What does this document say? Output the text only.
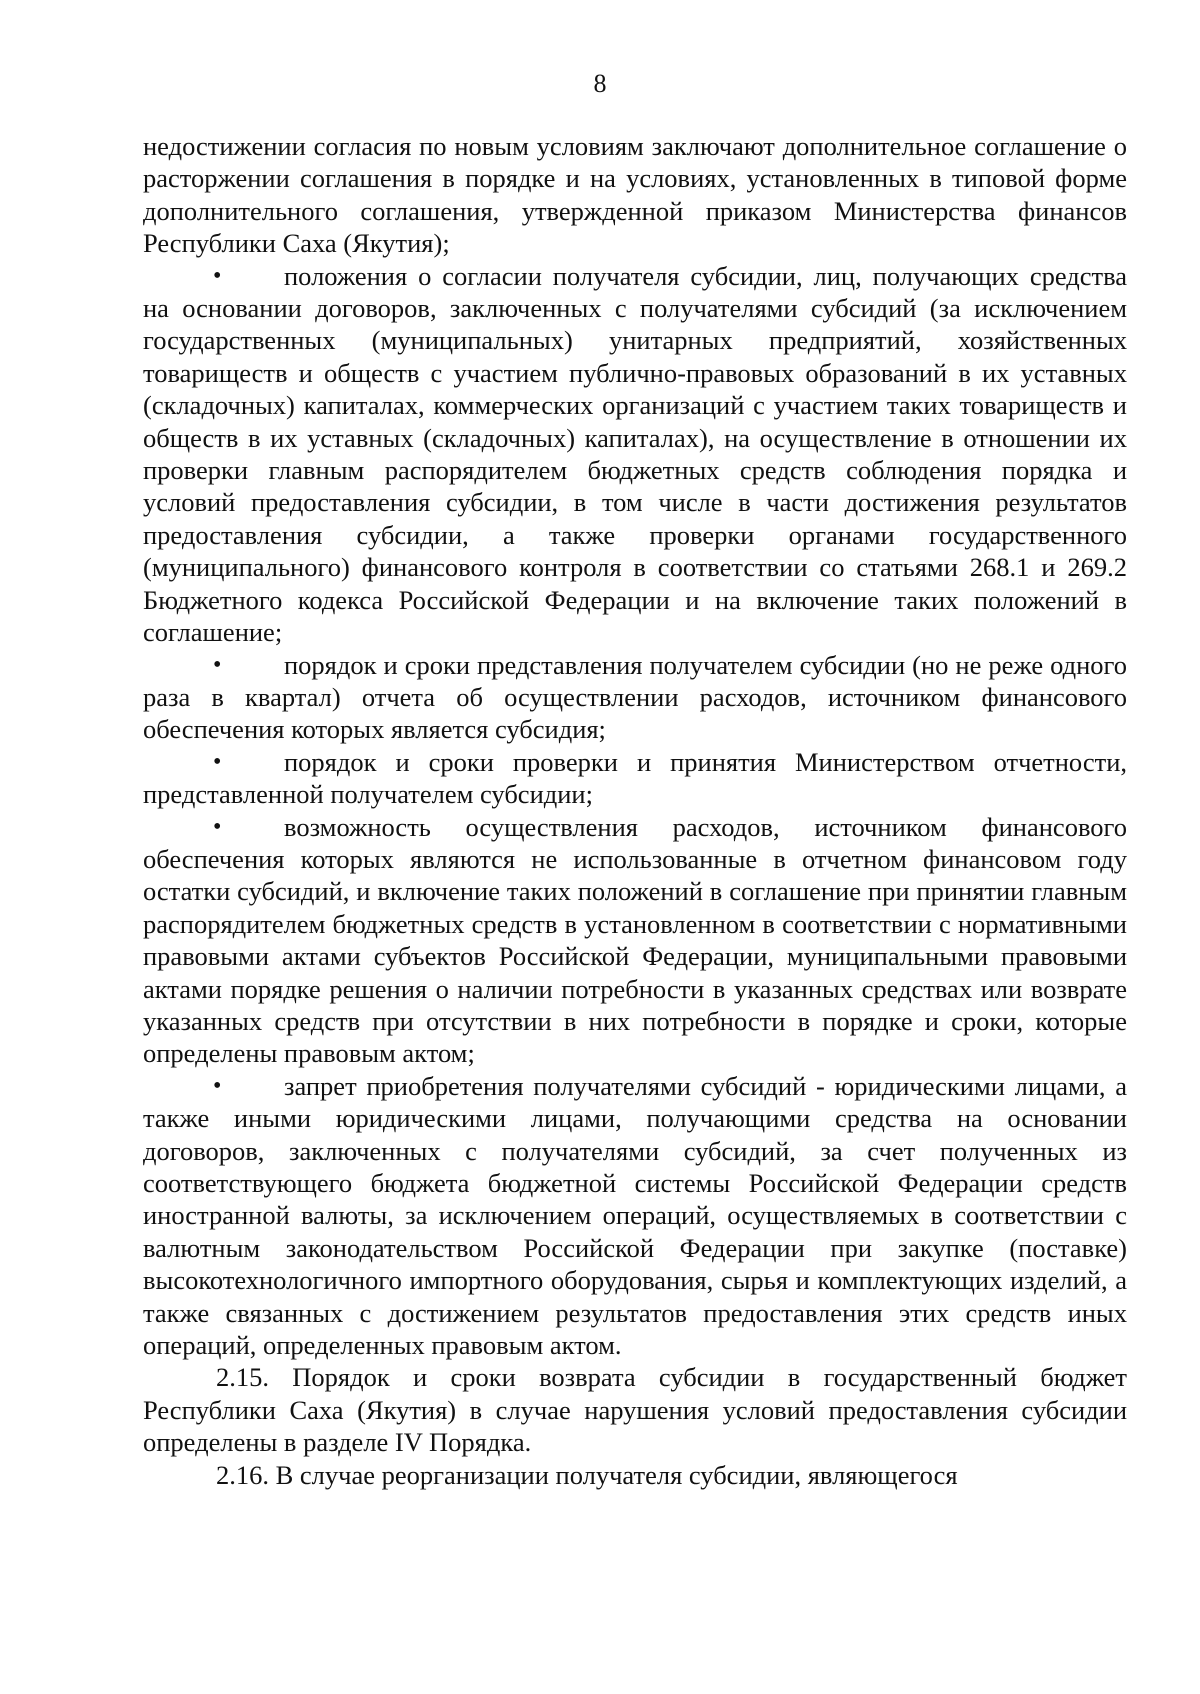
8

недостижении согласия по новым условиям заключают дополнительное соглашение о расторжении соглашения в порядке и на условиях, установленных в типовой форме дополнительного соглашения, утвержденной приказом Министерства финансов Республики Саха (Якутия);

•	положения о согласии получателя субсидии, лиц, получающих средства на основании договоров, заключенных с получателями субсидий (за исключением государственных (муниципальных) унитарных предприятий, хозяйственных товариществ и обществ с участием публично-правовых образований в их уставных (складочных) капиталах, коммерческих организаций с участием таких товариществ и обществ в их уставных (складочных) капиталах), на осуществление в отношении их проверки главным распорядителем бюджетных средств соблюдения порядка и условий предоставления субсидии, в том числе в части достижения результатов предоставления субсидии, а также проверки органами государственного (муниципального) финансового контроля в соответствии со статьями 268.1 и 269.2 Бюджетного кодекса Российской Федерации и на включение таких положений в соглашение;

•	порядок и сроки представления получателем субсидии (но не реже одного раза в квартал) отчета об осуществлении расходов, источником финансового обеспечения которых является субсидия;

•	порядок и сроки проверки и принятия Министерством отчетности, представленной получателем субсидии;

•	возможность осуществления расходов, источником финансового обеспечения которых являются не использованные в отчетном финансовом году остатки субсидий, и включение таких положений в соглашение при принятии главным распорядителем бюджетных средств в установленном в соответствии с нормативными правовыми актами субъектов Российской Федерации, муниципальными правовыми актами порядке решения о наличии потребности в указанных средствах или возврате указанных средств при отсутствии в них потребности в порядке и сроки, которые определены правовым актом;

•	запрет приобретения получателями субсидий - юридическими лицами, а также иными юридическими лицами, получающими средства на основании договоров, заключенных с получателями субсидий, за счет полученных из соответствующего бюджета бюджетной системы Российской Федерации средств иностранной валюты, за исключением операций, осуществляемых в соответствии с валютным законодательством Российской Федерации при закупке (поставке) высокотехнологичного импортного оборудования, сырья и комплектующих изделий, а также связанных с достижением результатов предоставления этих средств иных операций, определенных правовым актом.

2.15. Порядок и сроки возврата субсидии в государственный бюджет Республики Саха (Якутия) в случае нарушения условий предоставления субсидии определены в разделе IV Порядка.

2.16. В случае реорганизации получателя субсидии, являющегося
